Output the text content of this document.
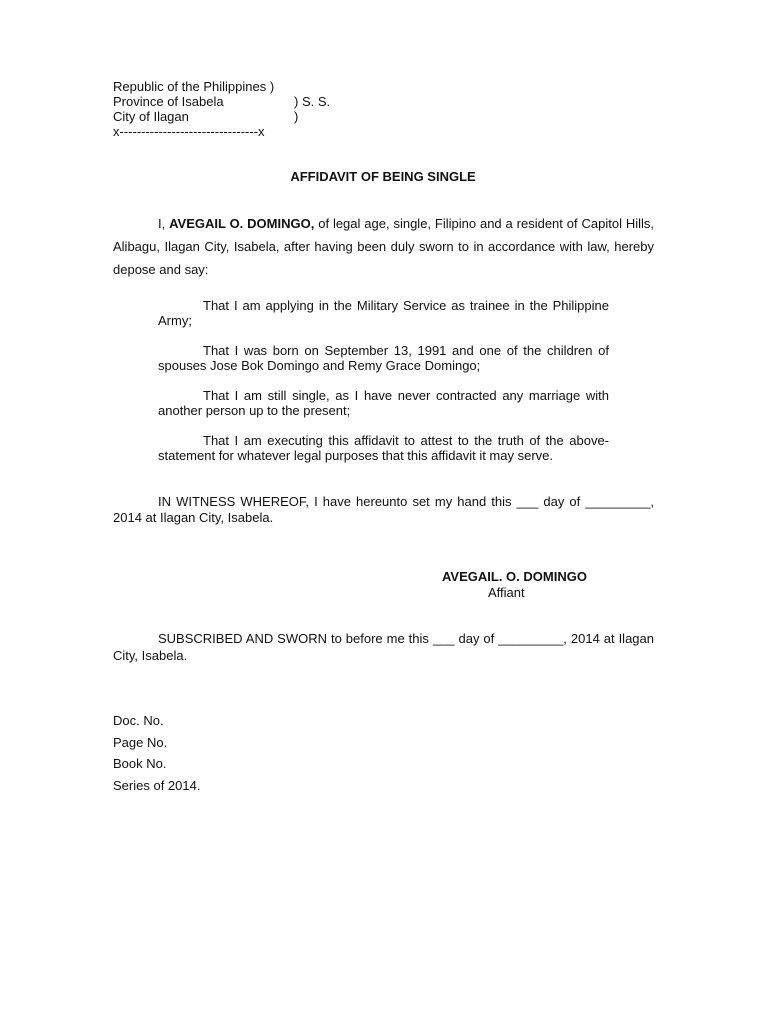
Republic of the Philippines )
Province of Isabela	) S. S.
City of Ilagan	)
x--------------------------------x
AFFIDAVIT OF BEING SINGLE
I, AVEGAIL O. DOMINGO, of legal age, single, Filipino and a resident of Capitol Hills, Alibagu, Ilagan City, Isabela, after having been duly sworn to in accordance with law, hereby depose and say:
That I am applying in the Military Service as trainee in the Philippine Army;
That I was born on September 13, 1991 and one of the children of spouses Jose Bok Domingo and Remy Grace Domingo;
That I am still single, as I have never contracted any marriage with another person up to the present;
That I am executing this affidavit to attest to the truth of the above-statement for whatever legal purposes that this affidavit it may serve.
IN WITNESS WHEREOF, I have hereunto set my hand this ___ day of _________, 2014 at Ilagan City, Isabela.
AVEGAIL. O. DOMINGO
Affiant
SUBSCRIBED AND SWORN to before me this ___ day of _________, 2014 at Ilagan City, Isabela.
Doc. No.
Page No.
Book No.
Series of 2014.
